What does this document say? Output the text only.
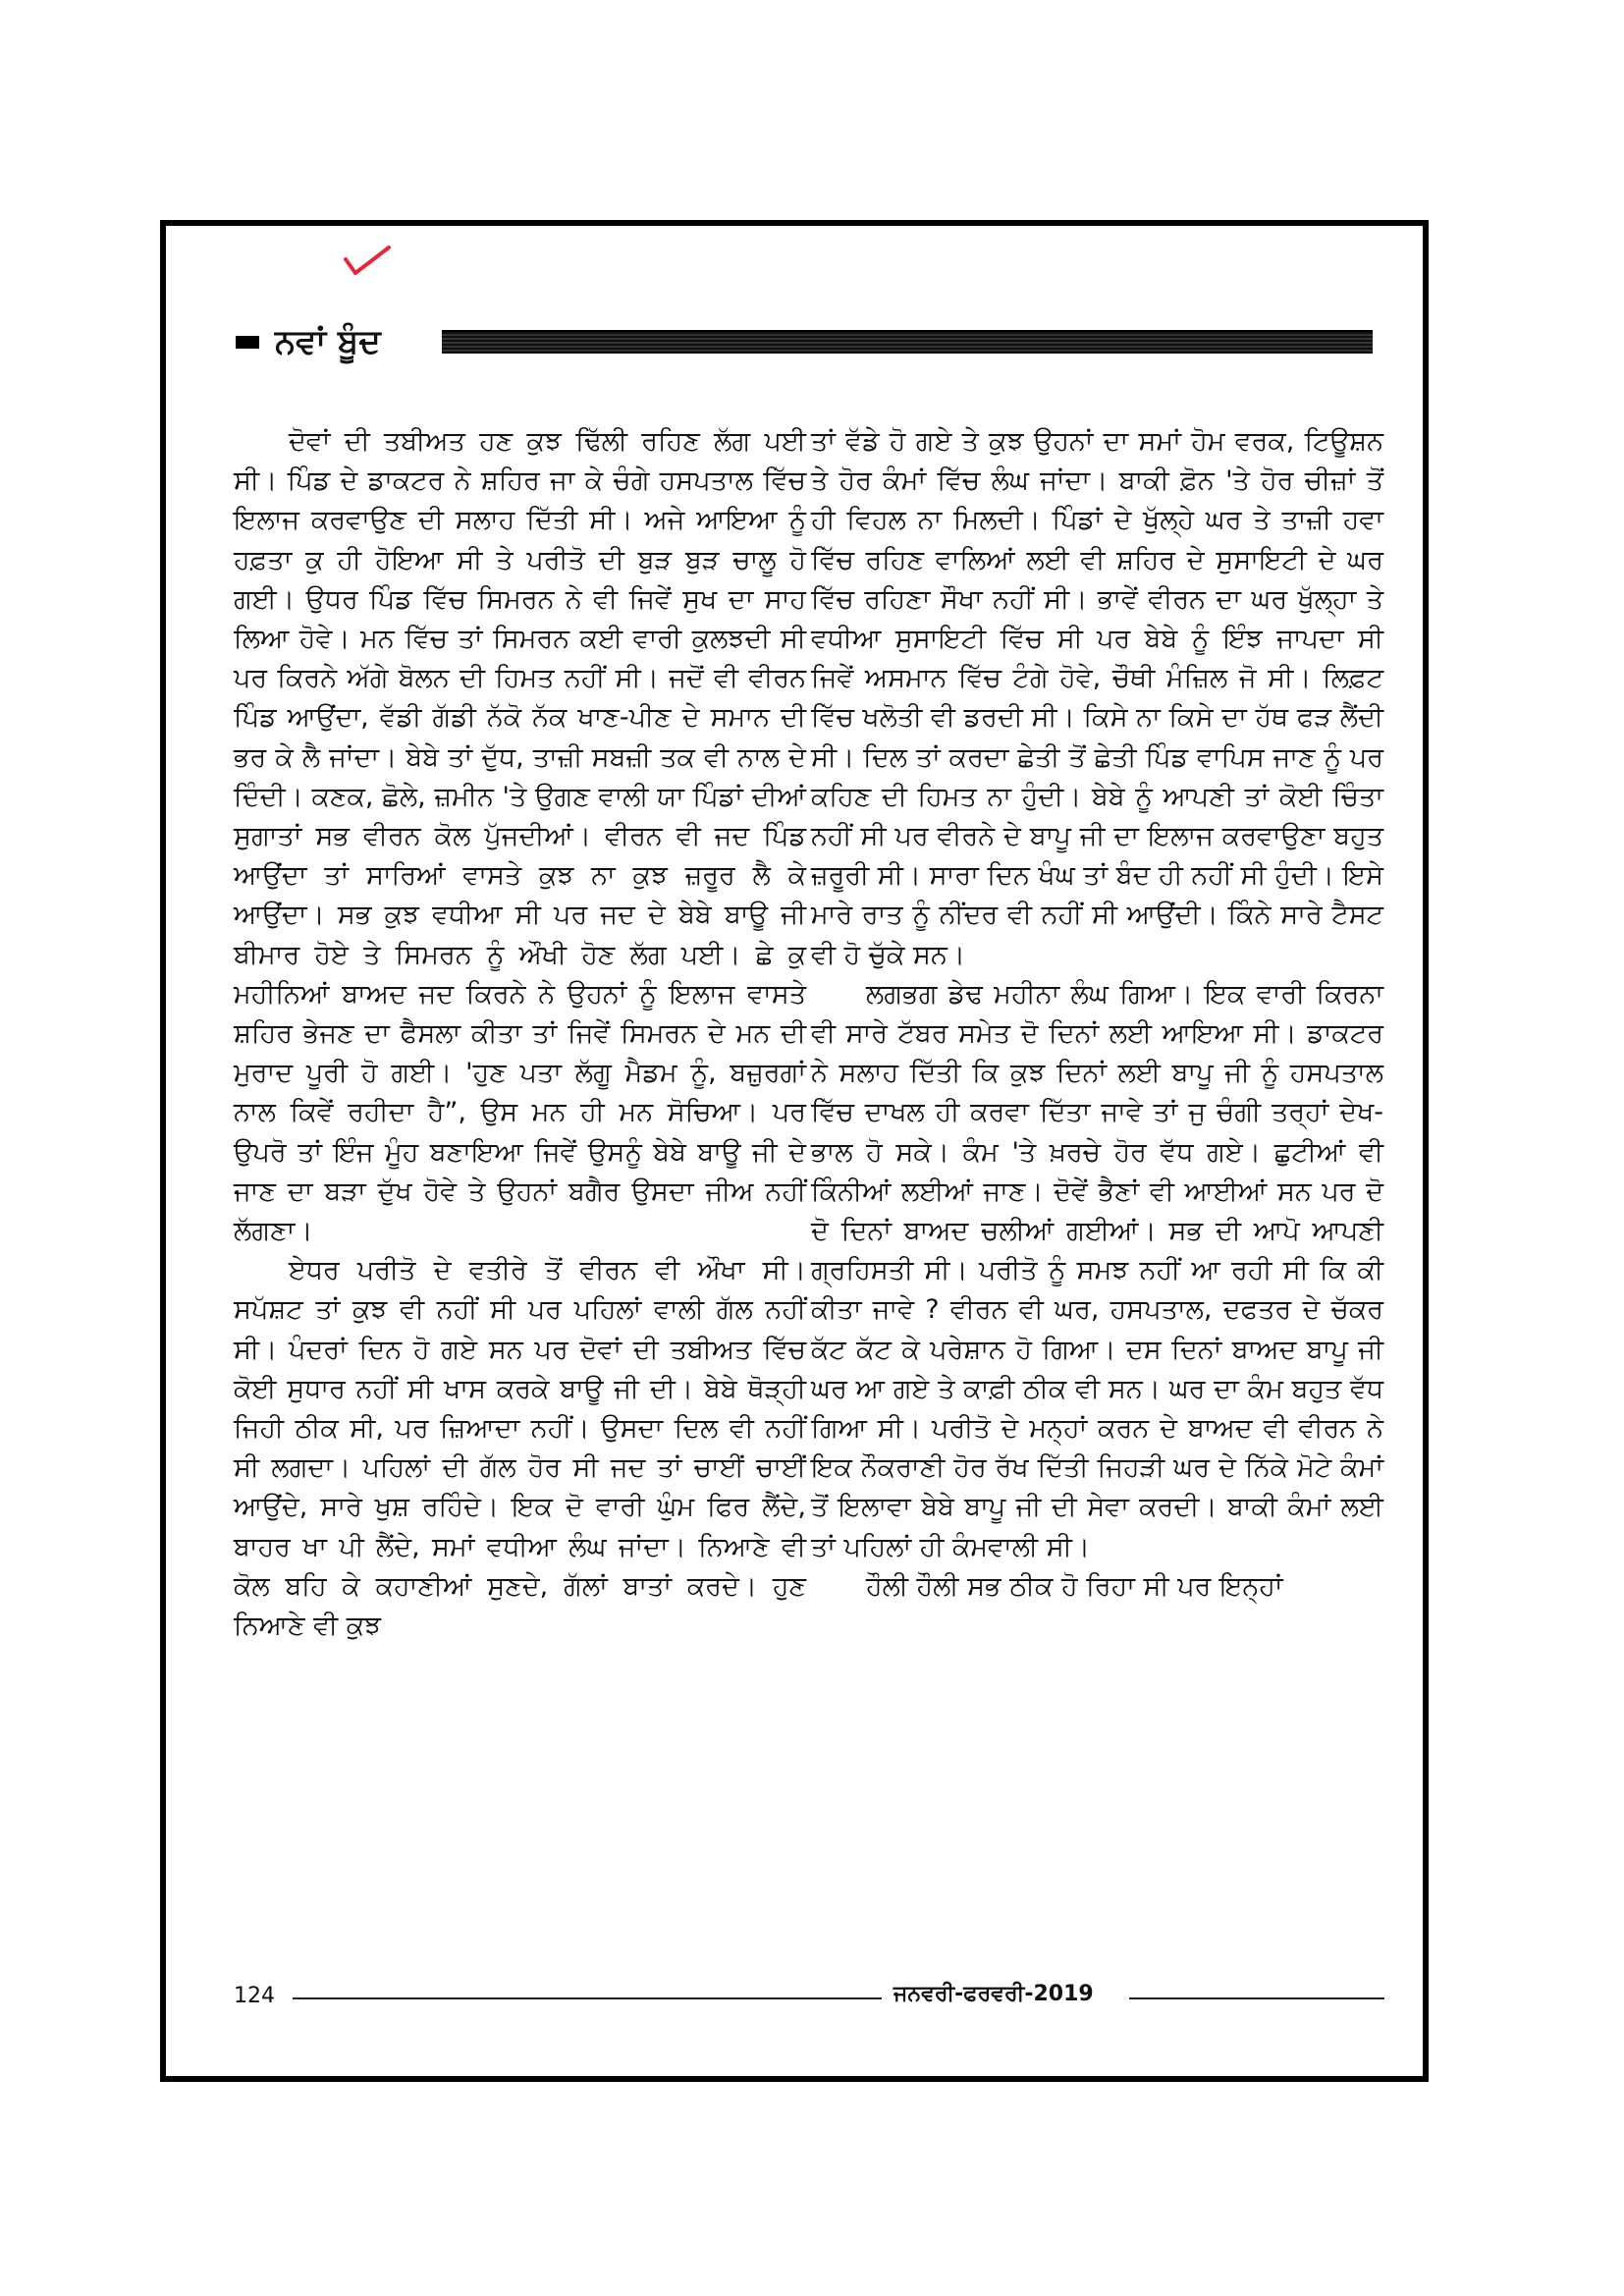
ਨਵਾਂ ਬੂੰਦ

ਦੋਵਾਂ ਦੀ ਤਬੀਅਤ ਹਣ ਕੁਝ ਢਿੱਲੀ ਰਹਿਣ ਲੱਗ ਪਈ ਸੀ। ਪਿੰਡ ਦੇ ਡਾਕਟਰ ਨੇ ਸ਼ਹਿਰ ਜਾ ਕੇ ਚੰਗੇ ਹਸਪਤਾਲ ਵਿੱਚ ਇਲਾਜ ਕਰਵਾਉਣ ਦੀ ਸਲਾਹ ਦਿੱਤੀ ਸੀ। ਅਜੇ ਆਇਆ ਨੂੰ ਹਫ਼ਤਾ ਕੁ ਹੀ ਹੋਇਆ ਸੀ ਤੇ ਪਰੀਤੋ ਦੀ ਬੁੜ ਬੁੜ ਚਾਲੂ ਹੋ ਗਈ। ਉਧਰ ਪਿੰਡ ਵਿੱਚ ਸਿਮਰਨ ਨੇ ਵੀ ਜਿਵੇਂ ਸੁਖ ਦਾ ਸਾਹ ਲਿਆ ਹੋਵੇ। ਮਨ ਵਿੱਚ ਤਾਂ ਸਿਮਰਨ ਕਈ ਵਾਰੀ ਕੁਲਝਦੀ ਸੀ ਪਰ ਕਿਰਨੇ ਅੱਗੇ ਬੋਲਨ ਦੀ ਹਿਮਤ ਨਹੀਂ ਸੀ। ਜਦੋਂ ਵੀ ਵੀਰਨ ਪਿੰਡ ਆਉਂਦਾ, ਵੱਡੀ ਗੱਡੀ ਨੱਕੋ ਨੱਕ ਖਾਣ-ਪੀਣ ਦੇ ਸਮਾਨ ਦੀ ਭਰ ਕੇ ਲੈ ਜਾਂਦਾ। ਬੇਬੇ ਤਾਂ ਦੁੱਧ, ਤਾਜ਼ੀ ਸਬਜ਼ੀ ਤਕ ਵੀ ਨਾਲ ਦੇ ਦਿੰਦੀ। ਕਣਕ, ਛੋਲੇ, ਜ਼ਮੀਨ 'ਤੇ ਉਗਣ ਵਾਲੀ ਯਾ ਪਿੰਡਾਂ ਦੀਆਂ ਸੁਗਾਤਾਂ ਸਭ ਵੀਰਨ ਕੋਲ ਪੁੱਜਦੀਆਂ। ਵੀਰਨ ਵੀ ਜਦ ਪਿੰਡ ਆਉਂਦਾ ਤਾਂ ਸਾਰਿਆਂ ਵਾਸਤੇ ਕੁਝ ਨਾ ਕੁਝ ਜ਼ਰੂਰ ਲੈ ਕੇ ਆਉਂਦਾ। ਸਭ ਕੁਝ ਵਧੀਆ ਸੀ ਪਰ ਜਦ ਦੇ ਬੇਬੇ ਬਾਊ ਜੀ ਬੀਮਾਰ ਹੋਏ ਤੇ ਸਿਮਰਨ ਨੂੰ ਔਖੀ ਹੋਣ ਲੱਗ ਪਈ। ਛੇ ਕੁ ਮਹੀਨਿਆਂ ਬਾਅਦ ਜਦ ਕਿਰਨੇ ਨੇ ਉਹਨਾਂ ਨੂੰ ਇਲਾਜ ਵਾਸਤੇ ਸ਼ਹਿਰ ਭੇਜਣ ਦਾ ਫੈਸਲਾ ਕੀਤਾ ਤਾਂ ਜਿਵੇਂ ਸਿਮਰਨ ਦੇ ਮਨ ਦੀ ਮੁਰਾਦ ਪੂਰੀ ਹੋ ਗਈ। 'ਹੁਣ ਪਤਾ ਲੱਗੂ ਮੈਡਮ ਨੂੰ, ਬਜ਼ੁਰਗਾਂ ਨਾਲ ਕਿਵੇਂ ਰਹੀਦਾ ਹੈ”, ਉਸ ਮਨ ਹੀ ਮਨ ਸੋਚਿਆ। ਪਰ ਉਪਰੋ ਤਾਂ ਇੰਜ ਮੂੰਹ ਬਣਾਇਆ ਜਿਵੇਂ ਉਸਨੂੰ ਬੇਬੇ ਬਾਊ ਜੀ ਦੇ ਜਾਣ ਦਾ ਬੜਾ ਦੁੱਖ ਹੋਵੇ ਤੇ ਉਹਨਾਂ ਬਗੈਰ ਉਸਦਾ ਜੀਅ ਨਹੀਂ ਲੱਗਣਾ।

ਏਧਰ ਪਰੀਤੋ ਦੇ ਵਤੀਰੇ ਤੋਂ ਵੀਰਨ ਵੀ ਔਖਾ ਸੀ। ਸਪੱਸ਼ਟ ਤਾਂ ਕੁਝ ਵੀ ਨਹੀਂ ਸੀ ਪਰ ਪਹਿਲਾਂ ਵਾਲੀ ਗੱਲ ਨਹੀਂ ਸੀ। ਪੰਦਰਾਂ ਦਿਨ ਹੋ ਗਏ ਸਨ ਪਰ ਦੋਵਾਂ ਦੀ ਤਬੀਅਤ ਵਿੱਚ ਕੋਈ ਸੁਧਾਰ ਨਹੀਂ ਸੀ ਖਾਸ ਕਰਕੇ ਬਾਊ ਜੀ ਦੀ। ਬੇਬੇ ਥੋੜ੍ਹੀ ਜਿਹੀ ਠੀਕ ਸੀ, ਪਰ ਜ਼ਿਆਦਾ ਨਹੀਂ। ਉਸਦਾ ਦਿਲ ਵੀ ਨਹੀਂ ਸੀ ਲਗਦਾ। ਪਹਿਲਾਂ ਦੀ ਗੱਲ ਹੋਰ ਸੀ ਜਦ ਤਾਂ ਚਾਈਂ ਚਾਈਂ ਆਉਂਦੇ, ਸਾਰੇ ਖੁਸ਼ ਰਹਿੰਦੇ। ਇਕ ਦੋ ਵਾਰੀ ਘੁੰਮ ਫਿਰ ਲੈਂਦੇ, ਬਾਹਰ ਖਾ ਪੀ ਲੈਂਦੇ, ਸਮਾਂ ਵਧੀਆ ਲੰਘ ਜਾਂਦਾ। ਨਿਆਣੇ ਵੀ ਕੋਲ ਬਹਿ ਕੇ ਕਹਾਣੀਆਂ ਸੁਣਦੇ, ਗੱਲਾਂ ਬਾਤਾਂ ਕਰਦੇ। ਹੁਣ ਨਿਆਣੇ ਵੀ ਕੁਝ

ਤਾਂ ਵੱਡੇ ਹੋ ਗਏ ਤੇ ਕੁਝ ਉਹਨਾਂ ਦਾ ਸਮਾਂ ਹੋਮ ਵਰਕ, ਟਿਊਸ਼ਨ ਤੇ ਹੋਰ ਕੰਮਾਂ ਵਿੱਚ ਲੰਘ ਜਾਂਦਾ। ਬਾਕੀ ਫ਼ੋਨ 'ਤੇ ਹੋਰ ਚੀਜ਼ਾਂ ਤੋਂ ਹੀ ਵਿਹਲ ਨਾ ਮਿਲਦੀ। ਪਿੰਡਾਂ ਦੇ ਖੁੱਲ੍ਹੇ ਘਰ ਤੇ ਤਾਜ਼ੀ ਹਵਾ ਵਿੱਚ ਰਹਿਣ ਵਾਲਿਆਂ ਲਈ ਵੀ ਸ਼ਹਿਰ ਦੇ ਸੁਸਾਇਟੀ ਦੇ ਘਰ ਵਿੱਚ ਰਹਿਣਾ ਸੌਖਾ ਨਹੀਂ ਸੀ। ਭਾਵੇਂ ਵੀਰਨ ਦਾ ਘਰ ਖੁੱਲ੍ਹਾ ਤੇ ਵਧੀਆ ਸੁਸਾਇਟੀ ਵਿੱਚ ਸੀ ਪਰ ਬੇਬੇ ਨੂੰ ਇੰਝ ਜਾਪਦਾ ਸੀ ਜਿਵੇਂ ਅਸਮਾਨ ਵਿੱਚ ਟੰਗੇ ਹੋਵੇ, ਚੌਥੀ ਮੰਜ਼ਿਲ ਜੋ ਸੀ। ਲਿਫ਼ਟ ਵਿੱਚ ਖਲੋਤੀ ਵੀ ਡਰਦੀ ਸੀ। ਕਿਸੇ ਨਾ ਕਿਸੇ ਦਾ ਹੱਥ ਫੜ ਲੈਂਦੀ ਸੀ। ਦਿਲ ਤਾਂ ਕਰਦਾ ਛੇਤੀ ਤੋਂ ਛੇਤੀ ਪਿੰਡ ਵਾਪਿਸ ਜਾਣ ਨੂੰ ਪਰ ਕਹਿਣ ਦੀ ਹਿਮਤ ਨਾ ਹੁੰਦੀ। ਬੇਬੇ ਨੂੰ ਆਪਣੀ ਤਾਂ ਕੋਈ ਚਿੰਤਾ ਨਹੀਂ ਸੀ ਪਰ ਵੀਰਨੇ ਦੇ ਬਾਪੂ ਜੀ ਦਾ ਇਲਾਜ ਕਰਵਾਉਣਾ ਬਹੁਤ ਜ਼ਰੂਰੀ ਸੀ। ਸਾਰਾ ਦਿਨ ਖੰਘ ਤਾਂ ਬੰਦ ਹੀ ਨਹੀਂ ਸੀ ਹੁੰਦੀ। ਇਸੇ ਮਾਰੇ ਰਾਤ ਨੂੰ ਨੀਂਦਰ ਵੀ ਨਹੀਂ ਸੀ ਆਉਂਦੀ। ਕਿੰਨੇ ਸਾਰੇ ਟੈਸਟ ਵੀ ਹੋ ਚੁੱਕੇ ਸਨ।

ਲਗਭਗ ਡੇਢ ਮਹੀਨਾ ਲੰਘ ਗਿਆ। ਇਕ ਵਾਰੀ ਕਿਰਨਾ ਵੀ ਸਾਰੇ ਟੱਬਰ ਸਮੇਤ ਦੋ ਦਿਨਾਂ ਲਈ ਆਇਆ ਸੀ। ਡਾਕਟਰ ਨੇ ਸਲਾਹ ਦਿੱਤੀ ਕਿ ਕੁਝ ਦਿਨਾਂ ਲਈ ਬਾਪੂ ਜੀ ਨੂੰ ਹਸਪਤਾਲ ਵਿੱਚ ਦਾਖਲ ਹੀ ਕਰਵਾ ਦਿੱਤਾ ਜਾਵੇ ਤਾਂ ਜੁ ਚੰਗੀ ਤਰ੍ਹਾਂ ਦੇਖ-ਭਾਲ ਹੋ ਸਕੇ। ਕੰਮ 'ਤੇ ਖ਼ਰਚੇ ਹੋਰ ਵੱਧ ਗਏ। ਛੁਟੀਆਂ ਵੀ ਕਿੰਨੀਆਂ ਲਈਆਂ ਜਾਣ। ਦੋਵੇਂ ਭੈਣਾਂ ਵੀ ਆਈਆਂ ਸਨ ਪਰ ਦੋ ਦੋ ਦਿਨਾਂ ਬਾਅਦ ਚਲੀਆਂ ਗਈਆਂ। ਸਭ ਦੀ ਆਪੋ ਆਪਣੀ ਗ੍ਰਹਿਸਤੀ ਸੀ। ਪਰੀਤੋ ਨੂੰ ਸਮਝ ਨਹੀਂ ਆ ਰਹੀ ਸੀ ਕਿ ਕੀ ਕੀਤਾ ਜਾਵੇ ? ਵੀਰਨ ਵੀ ਘਰ, ਹਸਪਤਾਲ, ਦਫਤਰ ਦੇ ਚੱਕਰ ਕੱਟ ਕੱਟ ਕੇ ਪਰੇਸ਼ਾਨ ਹੋ ਗਿਆ। ਦਸ ਦਿਨਾਂ ਬਾਅਦ ਬਾਪੂ ਜੀ ਘਰ ਆ ਗਏ ਤੇ ਕਾਫ਼ੀ ਠੀਕ ਵੀ ਸਨ। ਘਰ ਦਾ ਕੰਮ ਬਹੁਤ ਵੱਧ ਗਿਆ ਸੀ। ਪਰੀਤੋ ਦੇ ਮਨ੍ਹਾਂ ਕਰਨ ਦੇ ਬਾਅਦ ਵੀ ਵੀਰਨ ਨੇ ਇਕ ਨੌਕਰਾਣੀ ਹੋਰ ਰੱਖ ਦਿੱਤੀ ਜਿਹੜੀ ਘਰ ਦੇ ਨਿੱਕੇ ਮੋਟੇ ਕੰਮਾਂ ਤੋਂ ਇਲਾਵਾ ਬੇਬੇ ਬਾਪੂ ਜੀ ਦੀ ਸੇਵਾ ਕਰਦੀ। ਬਾਕੀ ਕੰਮਾਂ ਲਈ ਤਾਂ ਪਹਿਲਾਂ ਹੀ ਕੰਮਵਾਲੀ ਸੀ।

ਹੌਲੀ ਹੌਲੀ ਸਭ ਠੀਕ ਹੋ ਰਿਹਾ ਸੀ ਪਰ ਇਨ੍ਹਾਂ

124	ਜਨਵਰੀ-ਫਰਵਰੀ-2019
